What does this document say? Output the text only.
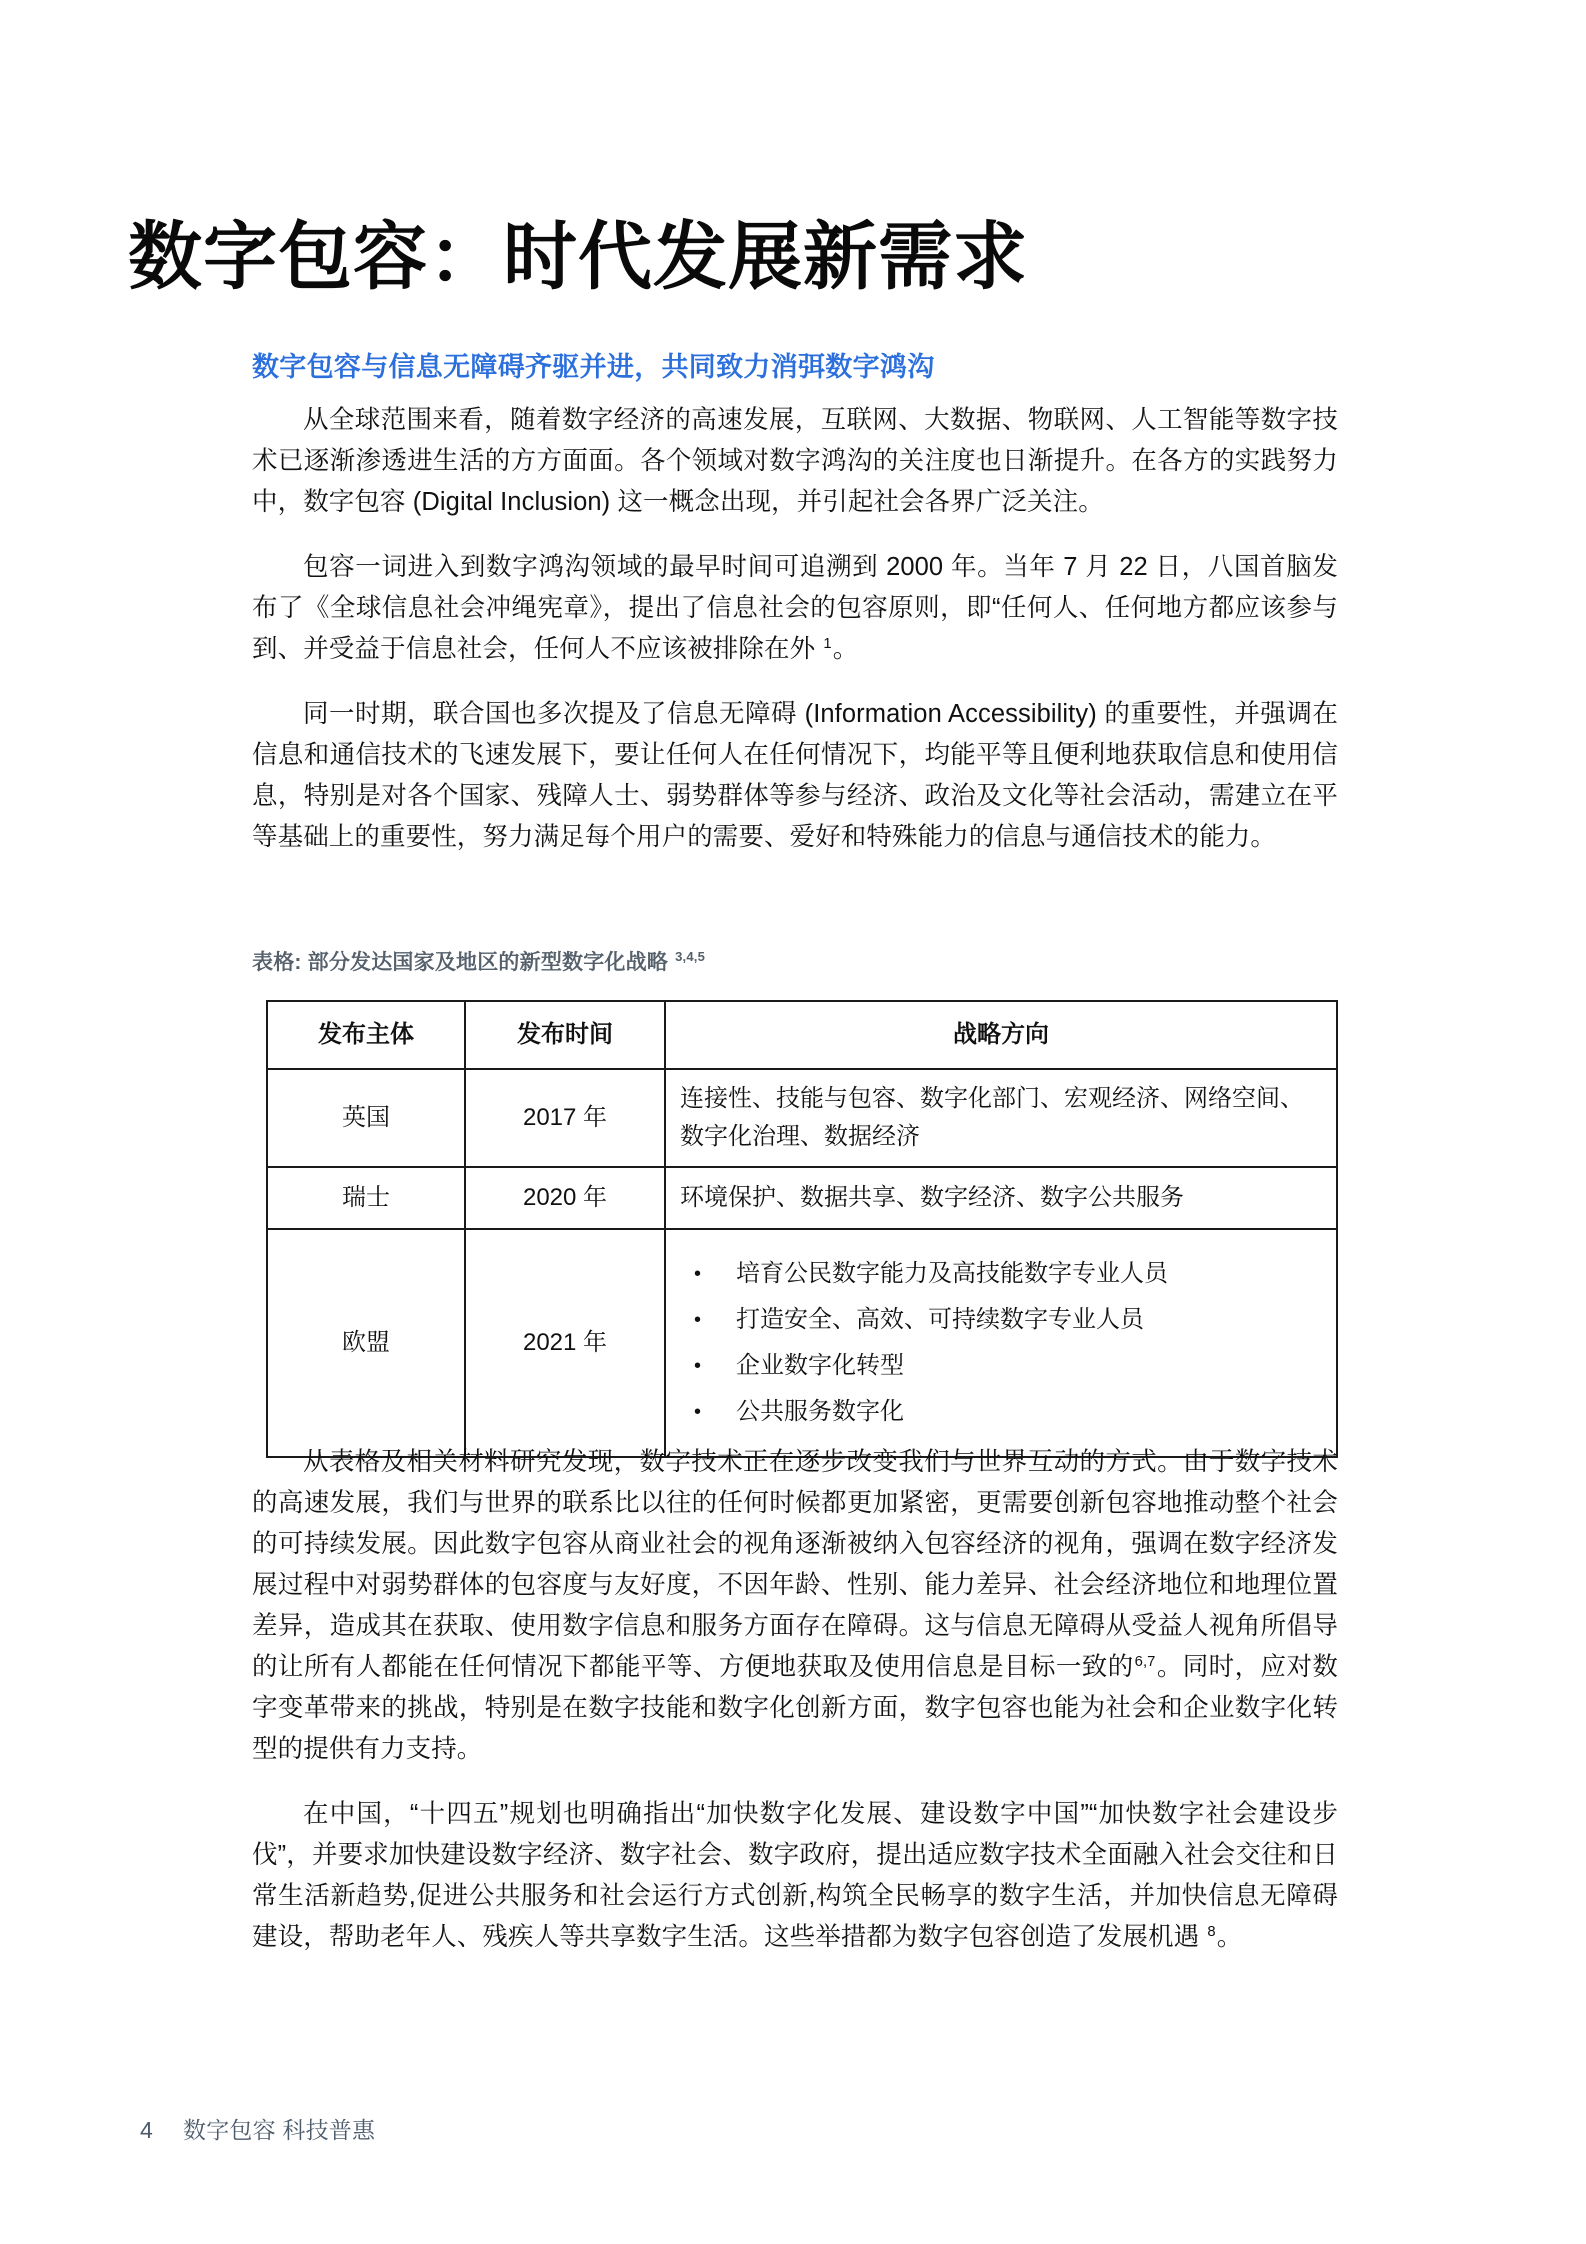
数字包容：时代发展新需求
数字包容与信息无障碍齐驱并进，共同致力消弭数字鸿沟

从全球范围来看，随着数字经济的高速发展，互联网、大数据、物联网、人工智能等数字技术已逐渐渗透进生活的方方面面。各个领域对数字鸿沟的关注度也日渐提升。在各方的实践努力中，数字包容 (Digital Inclusion) 这一概念出现，并引起社会各界广泛关注。

包容一词进入到数字鸿沟领域的最早时间可追溯到 2000 年。当年 7 月 22 日，八国首脑发布了《全球信息社会冲绳宪章》，提出了信息社会的包容原则，即“任何人、任何地方都应该参与到、并受益于信息社会，任何人不应该被排除在外 $^1$。

同一时期，联合国也多次提及了信息无障碍 (Information Accessibility) 的重要性，并强调在信息和通信技术的飞速发展下，要让任何人在任何情况下，均能平等且便利地获取信息和使用信息，特别是对各个国家、残障人士、弱势群体等参与经济、政治及文化等社会活动，需建立在平等基础上的重要性，努力满足每个用户的需要、爱好和特殊能力的信息与通信技术的能力。

表格: 部分发达国家及地区的新型数字化战略 $^{3,4,5}$
发布主体	发布时间	战略方向
英国	2017 年	连接性、技能与包容、数字化部门、宏观经济、网络空间、数字化治理、数据经济
瑞士	2020 年	环境保护、数据共享、数字经济、数字公共服务
欧盟	2021 年	
• 培育公民数字能力及高技能数字专业人员
• 打造安全、高效、可持续数字专业人员
• 企业数字化转型
• 公共服务数字化

从表格及相关材料研究发现，数字技术正在逐步改变我们与世界互动的方式。由于数字技术的高速发展，我们与世界的联系比以往的任何时候都更加紧密，更需要创新包容地推动整个社会的可持续发展。因此数字包容从商业社会的视角逐渐被纳入包容经济的视角，强调在数字经济发展过程中对弱势群体的包容度与友好度，不因年龄、性别、能力差异、社会经济地位和地理位置差异，造成其在获取、使用数字信息和服务方面存在障碍。这与信息无障碍从受益人视角所倡导的让所有人都能在任何情况下都能平等、方便地获取及使用信息是目标一致的$^{6,7}$。同时，应对数字变革带来的挑战，特别是在数字技能和数字化创新方面，数字包容也能为社会和企业数字化转型的提供有力支持。

在中国，“十四五”规划也明确指出“加快数字化发展、建设数字中国”“加快数字社会建设步伐”，并要求加快建设数字经济、数字社会、数字政府，提出适应数字技术全面融入社会交往和日常生活新趋势,促进公共服务和社会运行方式创新,构筑全民畅享的数字生活，并加快信息无障碍建设，帮助老年人、残疾人等共享数字生活。这些举措都为数字包容创造了发展机遇 $^8$。

4 数字包容 科技普惠
